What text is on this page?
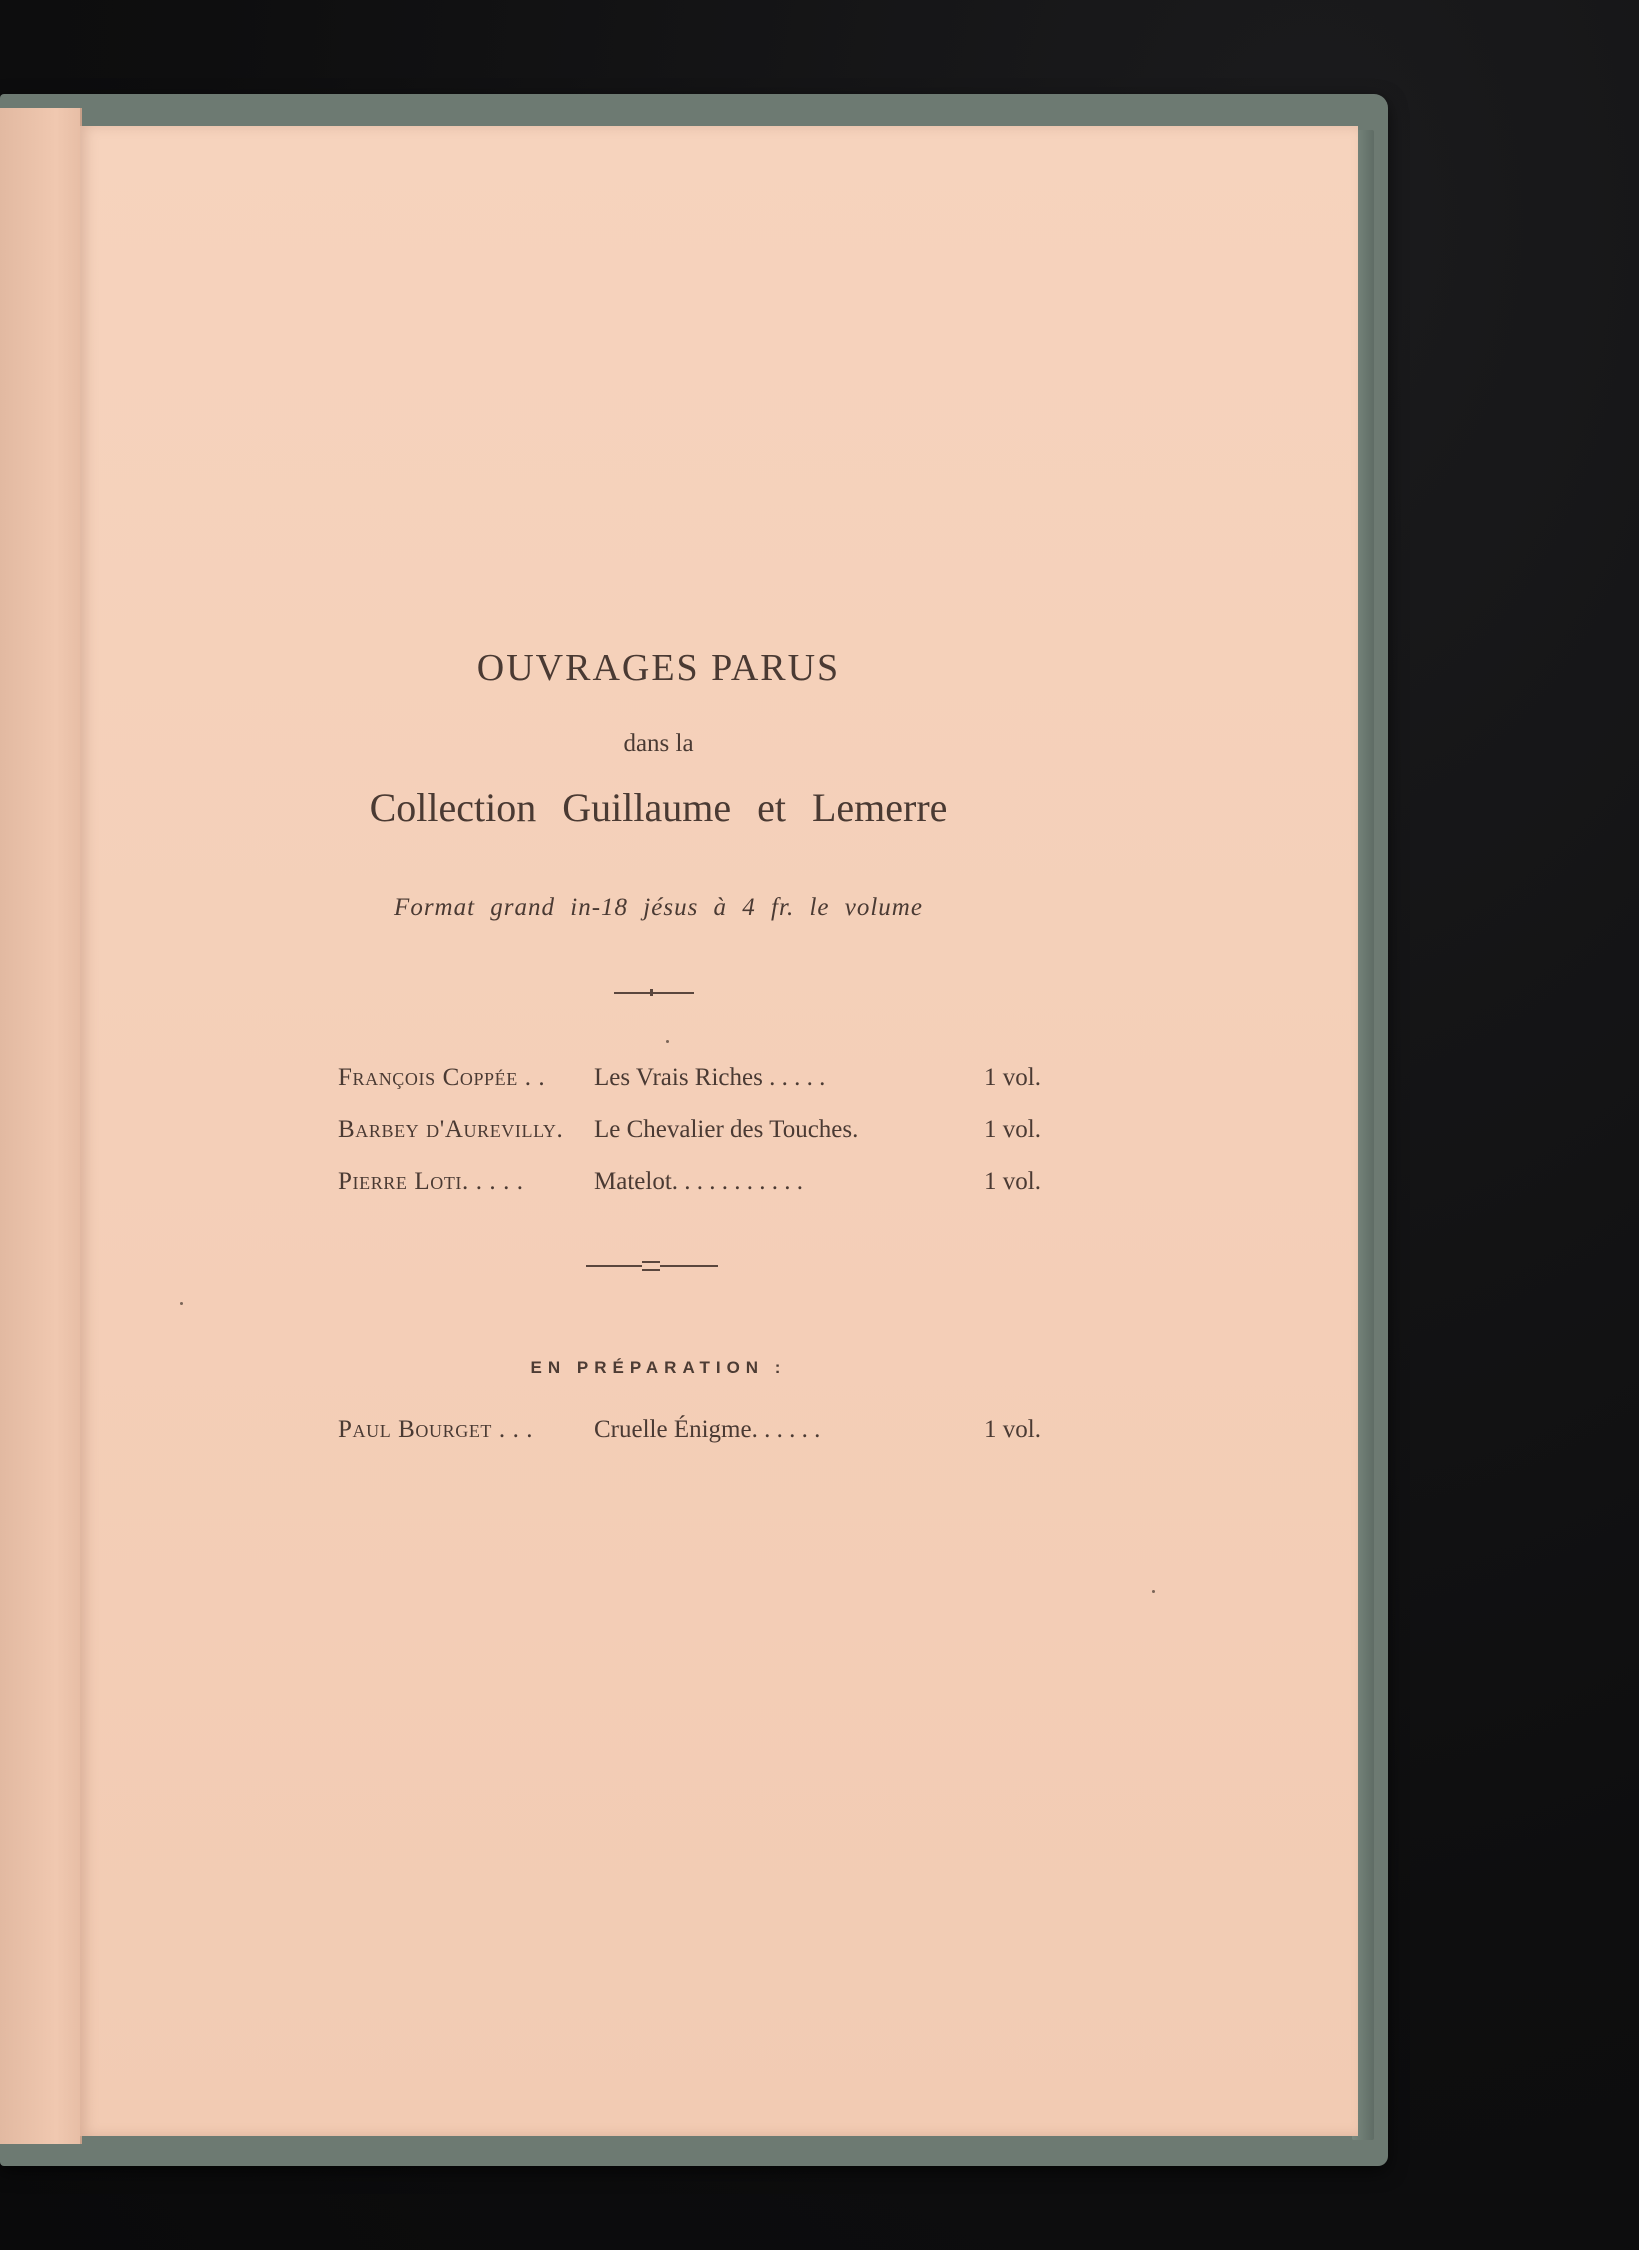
OUVRAGES PARUS
dans la
Collection Guillaume et Lemerre
Format grand in-18 jésus à 4 fr. le volume
François Coppée . . Les Vrais Riches . . . . .	1 vol.
Barbey d'Aurevilly. Le Chevalier des Touches.	1 vol.
Pierre Loti. . . . .	Matelot. . . . . . . . . . .	1 vol.
EN PRÉPARATION :
Paul Bourget . . . Cruelle Énigme. . . . . .	1 vol.
